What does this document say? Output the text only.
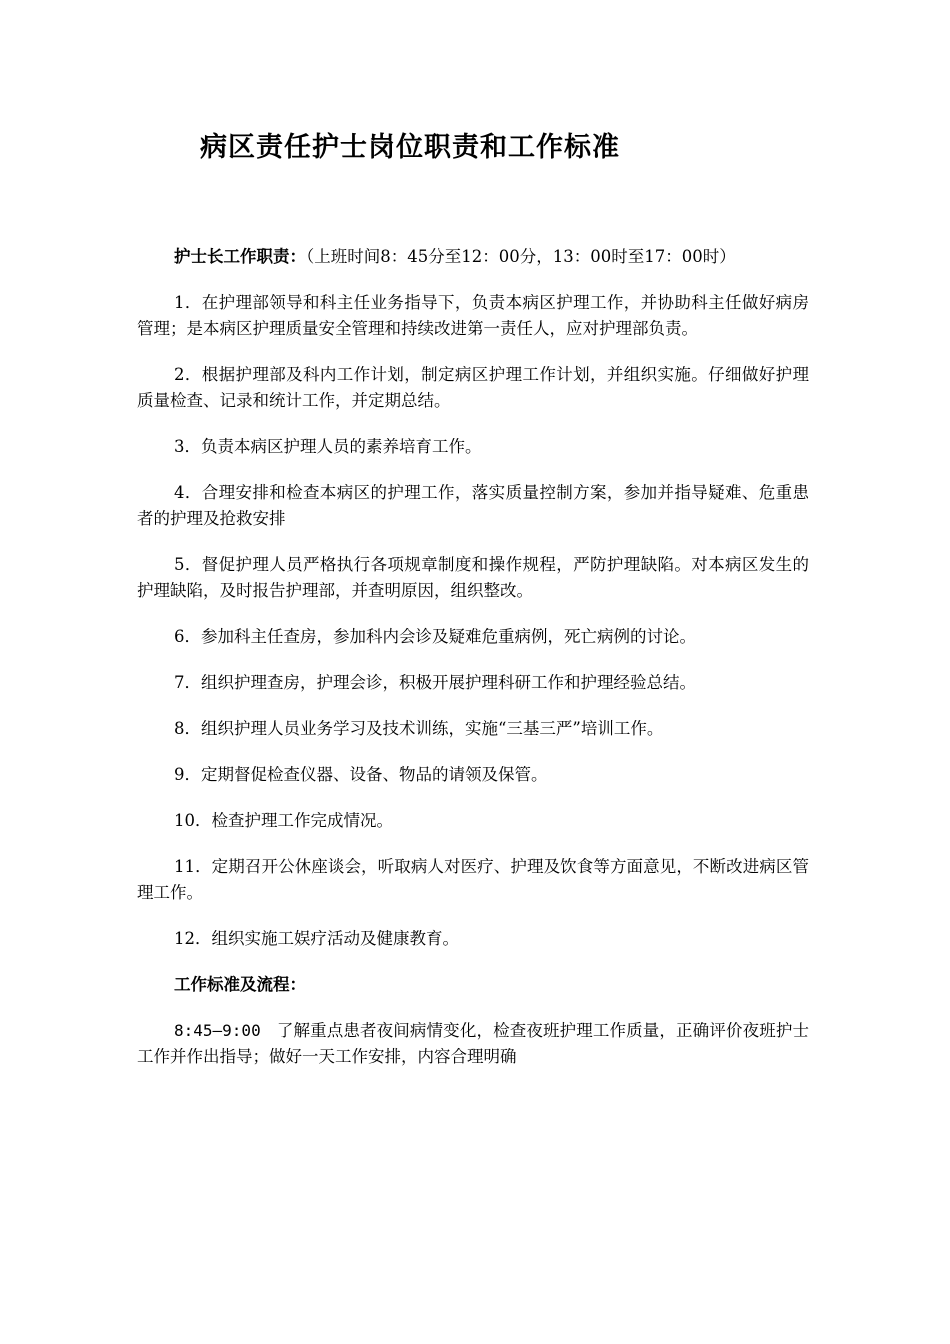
病区责任护士岗位职责和工作标准

护士长工作职责：（上班时间8：45分至12：00分，13：00时至17：00时）

1．在护理部领导和科主任业务指导下，负责本病区护理工作，并协助科主任做好病房管理；是本病区护理质量安全管理和持续改进第一责任人，应对护理部负责。

2．根据护理部及科内工作计划，制定病区护理工作计划，并组织实施。仔细做好护理质量检查、记录和统计工作，并定期总结。

3．负责本病区护理人员的素养培育工作。

4．合理安排和检查本病区的护理工作，落实质量控制方案，参加并指导疑难、危重患者的护理及抢救安排

5．督促护理人员严格执行各项规章制度和操作规程，严防护理缺陷。对本病区发生的护理缺陷，及时报告护理部，并查明原因，组织整改。

6．参加科主任查房，参加科内会诊及疑难危重病例，死亡病例的讨论。

7．组织护理查房，护理会诊，积极开展护理科研工作和护理经验总结。

8．组织护理人员业务学习及技术训练，实施“三基三严”培训工作。

9．定期督促检查仪器、设备、物品的请领及保管。

10．检查护理工作完成情况。

11．定期召开公休座谈会，听取病人对医疗、护理及饮食等方面意见，不断改进病区管理工作。

12．组织实施工娱疗活动及健康教育。

工作标准及流程：

8:45—9:00 了解重点患者夜间病情变化，检查夜班护理工作质量，正确评价夜班护士工作并作出指导；做好一天工作安排，内容合理明确
